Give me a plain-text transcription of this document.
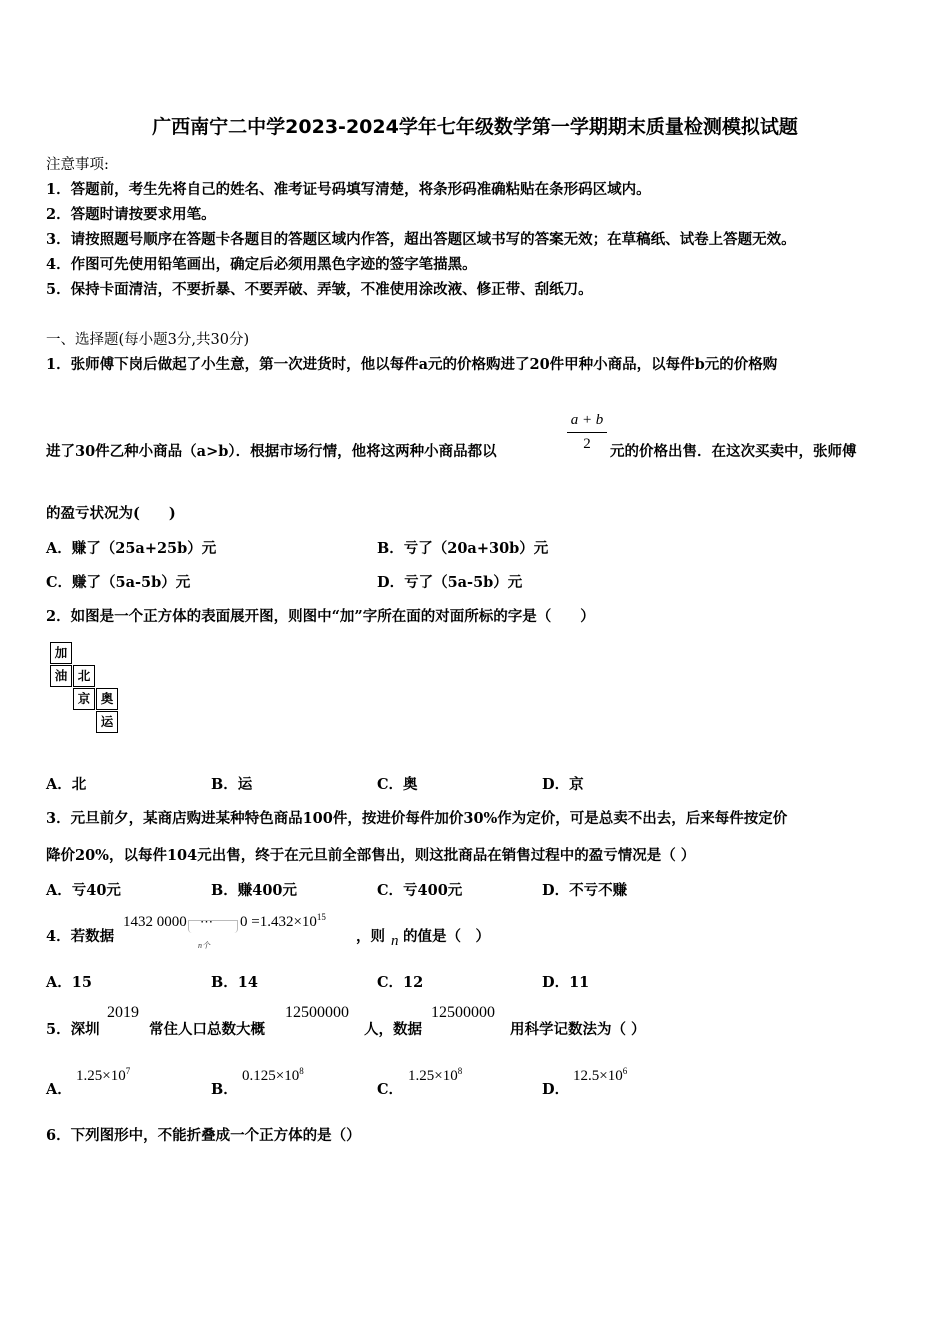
广西南宁二中学2023-2024学年七年级数学第一学期期末质量检测模拟试题
注意事项:
1．答题前，考生先将自己的姓名、准考证号码填写清楚，将条形码准确粘贴在条形码区域内。
2．答题时请按要求用笔。
3．请按照题号顺序在答题卡各题目的答题区域内作答，超出答题区域书写的答案无效；在草稿纸、试卷上答题无效。
4．作图可先使用铅笔画出，确定后必须用黑色字迹的签字笔描黑。
5．保持卡面清洁，不要折暴、不要弄破、弄皱，不准使用涂改液、修正带、刮纸刀。
一、选择题(每小题3分,共30分)
1．张师傅下岗后做起了小生意，第一次进货时，他以每件a元的价格购进了20件甲种小商品，以每件b元的价格购
进了30件乙种小商品（a>b）．根据市场行情，他将这两种小商品都以
a + b
2	元的价格出售．在这次买卖中，张师傅
的盈亏状况为(　　)
A．赚了（25a+25b）元	B．亏了（20a+30b）元
C．赚了（5a-5b）元	D．亏了（5a-5b）元
2．如图是一个正方体的表面展开图，则图中“加”字所在面的对面所标的字是（　　）
加
油 北
京 奥
运
A．北	B．运	C．奥	D．京
3．元旦前夕，某商店购进某种特色商品100件，按进价每件加价30%作为定价，可是总卖不出去，后来每件按定价
降价20%，以每件104元出售，终于在元旦前全部售出，则这批商品在销售过程中的盈亏情况是（ ）
A．亏40元	B．赚400元	C．亏400元	D．不亏不赚
4．若数据
1432 0000 ⋯ $0 =1.432\times 10^{15}$
n个
，则 n 的值是（　）
A．15	B．14	C．12	D．11
5．深圳
2019
常住人口总数大概
12500000
人，数据
12500000
用科学记数法为（ ）
A．
$1.25\times 10^7$
B．
$0.125\times 10^8$
C．
$1.25\times 10^8$
D．
$12.5\times 10^6$
6．下列图形中，不能折叠成一个正方体的是（）
